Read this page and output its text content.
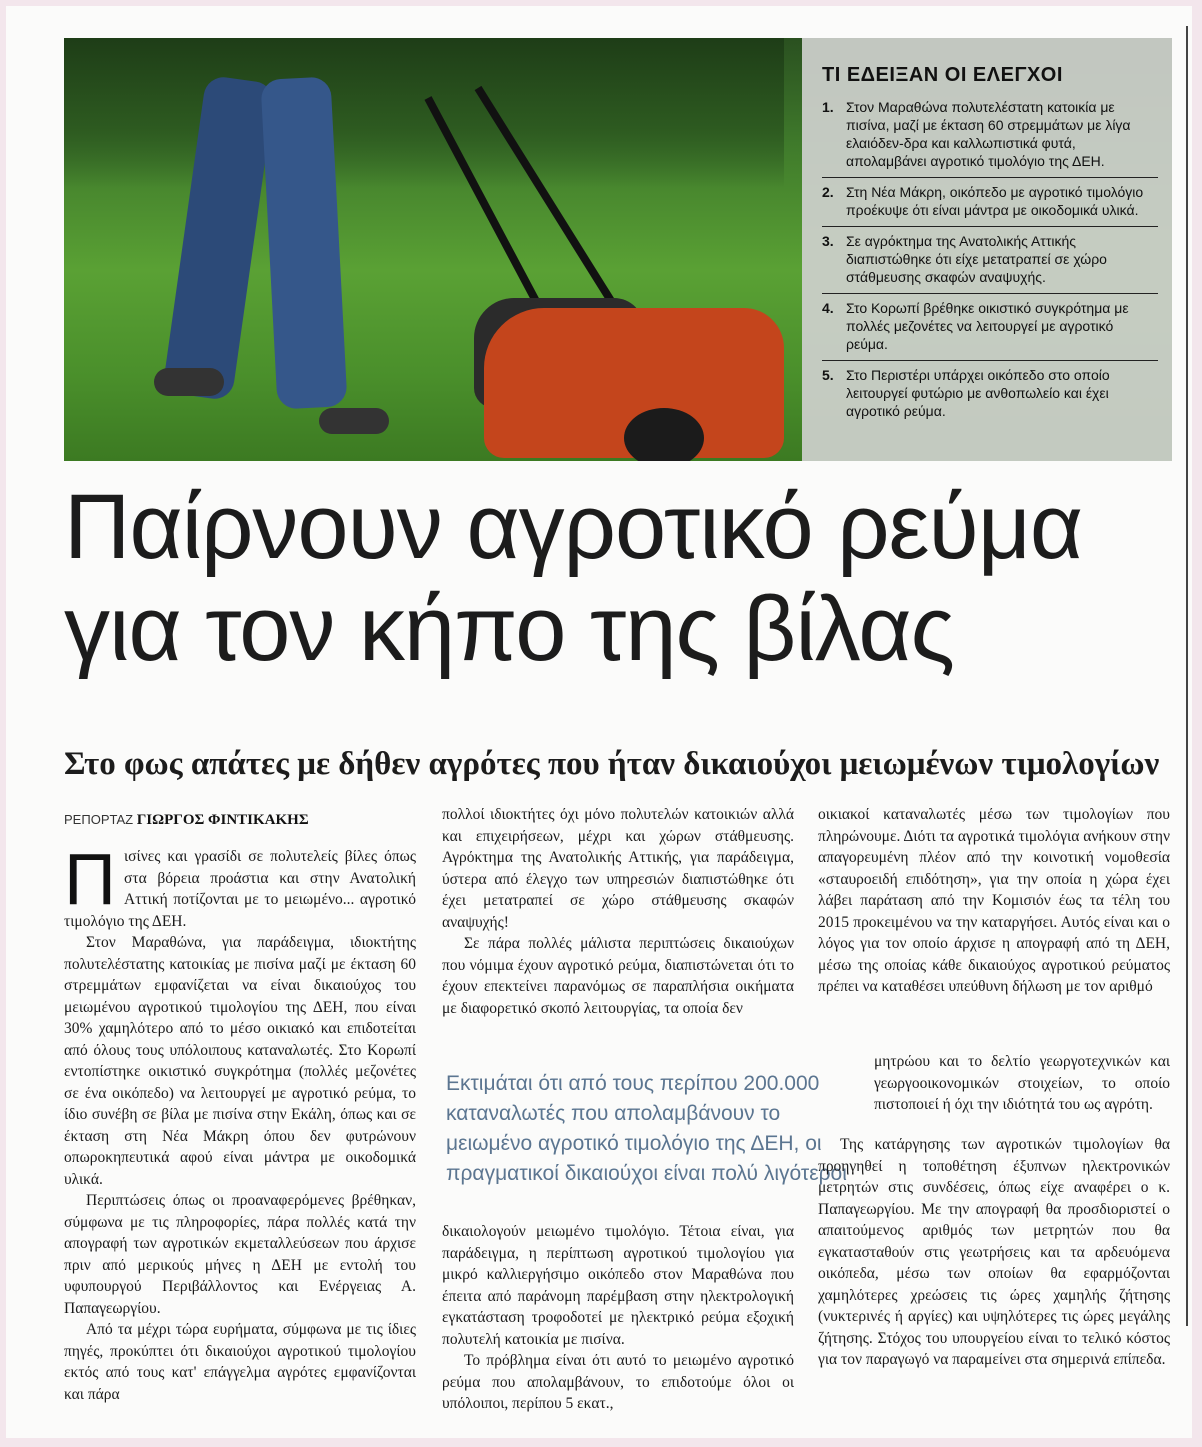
ΤΙ ΕΔΕΙΞΑΝ ΟΙ ΕΛΕΓΧΟΙ
1. Στον Μαραθώνα πολυτελέστατη κατοικία με πισίνα, μαζί με έκταση 60 στρεμμάτων με λίγα ελαιόδεν-δρα και καλλωπιστικά φυτά, απολαμβάνει αγροτικό τιμολόγιο της ΔΕΗ.
2. Στη Νέα Μάκρη, οικόπεδο με αγροτικό τιμολόγιο προέκυψε ότι είναι μάντρα με οικοδομικά υλικά.
3. Σε αγρόκτημα της Ανατολικής Αττικής διαπιστώθηκε ότι είχε μετατραπεί σε χώρο στάθμευσης σκαφών αναψυχής.
4. Στο Κορωπί βρέθηκε οικιστικό συγκρότημα με πολλές μεζονέτες να λειτουργεί με αγροτικό ρεύμα.
5. Στο Περιστέρι υπάρχει οικόπεδο στο οποίο λειτουργεί φυτώριο με ανθοπωλείο και έχει αγροτικό ρεύμα.
Παίρνουν αγροτικό ρεύμα
για τον κήπο της βίλας
Στο φως απάτες με δήθεν αγρότες που ήταν δικαιούχοι μειωμένων τιμολογίων
ΡΕΠΟΡΤΑΖ ΓΙΩΡΓΟΣ ΦΙΝΤΙΚΑΚΗΣ

Π ισίνες και γρασίδι σε πολυτελείς βίλες όπως στα βόρεια προάστια και στην Ανατολική Αττική ποτίζονται με το μειωμένο... αγροτικό τιμολόγιο της ΔΕΗ.

Στον Μαραθώνα, για παράδειγμα, ιδιοκτήτης πολυτελέστατης κατοικίας με πισίνα μαζί με έκταση 60 στρεμμάτων εμφανίζεται να είναι δικαιούχος του μειωμένου αγροτικού τιμολογίου της ΔΕΗ, που είναι 30% χαμηλότερο από το μέσο οικιακό και επιδοτείται από όλους τους υπόλοιπους καταναλωτές. Στο Κορωπί εντοπίστηκε οικιστικό συγκρότημα (πολλές μεζονέτες σε ένα οικόπεδο) να λειτουργεί με αγροτικό ρεύμα, το ίδιο συνέβη σε βίλα με πισίνα στην Εκάλη, όπως και σε έκταση στη Νέα Μάκρη όπου δεν φυτρώνουν οπωροκηπευτικά αφού είναι μάντρα με οικοδομικά υλικά.

Περιπτώσεις όπως οι προαναφερόμενες βρέθηκαν, σύμφωνα με τις πληροφορίες, πάρα πολλές κατά την απογραφή των αγροτικών εκμεταλλεύσεων που άρχισε πριν από μερικούς μήνες η ΔΕΗ με εντολή του υφυπουργού Περιβάλλοντος και Ενέργειας Α. Παπαγεωργίου.

Από τα μέχρι τώρα ευρήματα, σύμφωνα με τις ίδιες πηγές, προκύπτει ότι δικαιούχοι αγροτικού τιμολογίου εκτός από τους κατ' επάγγελμα αγρότες εμφανίζονται και πάρα

πολλοί ιδιοκτήτες όχι μόνο πολυτελών κατοικιών αλλά και επιχειρήσεων, μέχρι και χώρων στάθμευσης. Αγρόκτημα της Ανατολικής Αττικής, για παράδειγμα, ύστερα από έλεγχο των υπηρεσιών διαπιστώθηκε ότι έχει μετατραπεί σε χώρο στάθμευσης σκαφών αναψυχής!

Σε πάρα πολλές μάλιστα περιπτώσεις δικαιούχων που νόμιμα έχουν αγροτικό ρεύμα, διαπιστώνεται ότι το έχουν επεκτείνει παρανόμως σε παραπλήσια οικήματα με διαφορετικό σκοπό λειτουργίας, τα οποία δεν

Εκτιμάται ότι από τους περίπου 200.000 καταναλωτές που απολαμβάνουν το μειωμένο αγροτικό τιμολόγιο της ΔΕΗ, οι πραγματικοί δικαιούχοι είναι πολύ λιγότεροι

δικαιολογούν μειωμένο τιμολόγιο. Τέτοια είναι, για παράδειγμα, η περίπτωση αγροτικού τιμολογίου για μικρό καλλιεργήσιμο οικόπεδο στον Μαραθώνα που έπειτα από παράνομη παρέμβαση στην ηλεκτρολογική εγκατάσταση τροφοδοτεί με ηλεκτρικό ρεύμα εξοχική πολυτελή κατοικία με πισίνα.

Το πρόβλημα είναι ότι αυτό το μειωμένο αγροτικό ρεύμα που απολαμβάνουν, το επιδοτούμε όλοι οι υπόλοιποι, περίπου 5 εκατ.,

οικιακοί καταναλωτές μέσω των τιμολογίων που πληρώνουμε. Διότι τα αγροτικά τιμολόγια ανήκουν στην απαγορευμένη πλέον από την κοινοτική νομοθεσία «σταυροειδή επιδότηση», για την οποία η χώρα έχει λάβει παράταση από την Κομισιόν έως τα τέλη του 2015 προκειμένου να την καταργήσει. Αυτός είναι και ο λόγος για τον οποίο άρχισε η απογραφή από τη ΔΕΗ, μέσω της οποίας κάθε δικαιούχος αγροτικού ρεύματος πρέπει να καταθέσει υπεύθυνη δήλωση με τον αριθμό

μητρώου και το δελτίο γεωργοτεχνικών και γεωργοοικονομικών στοιχείων, το οποίο πιστοποιεί ή όχι την ιδιότητά του ως αγρότη.

Της κατάργησης των αγροτικών τιμολογίων θα προηγηθεί η τοποθέτηση έξυπνων ηλεκτρονικών μετρητών στις συνδέσεις, όπως είχε αναφέρει ο κ. Παπαγεωργίου. Με την απογραφή θα προσδιοριστεί ο απαιτούμενος αριθμός των μετρητών που θα εγκατασταθούν στις γεωτρήσεις και τα αρδευόμενα οικόπεδα, μέσω των οποίων θα εφαρμόζονται χαμηλότερες χρεώσεις τις ώρες χαμηλής ζήτησης (νυκτερινές ή αργίες) και υψηλότερες τις ώρες μεγάλης ζήτησης. Στόχος του υπουργείου είναι το τελικό κόστος για τον παραγωγό να παραμείνει στα σημερινά επίπεδα.
